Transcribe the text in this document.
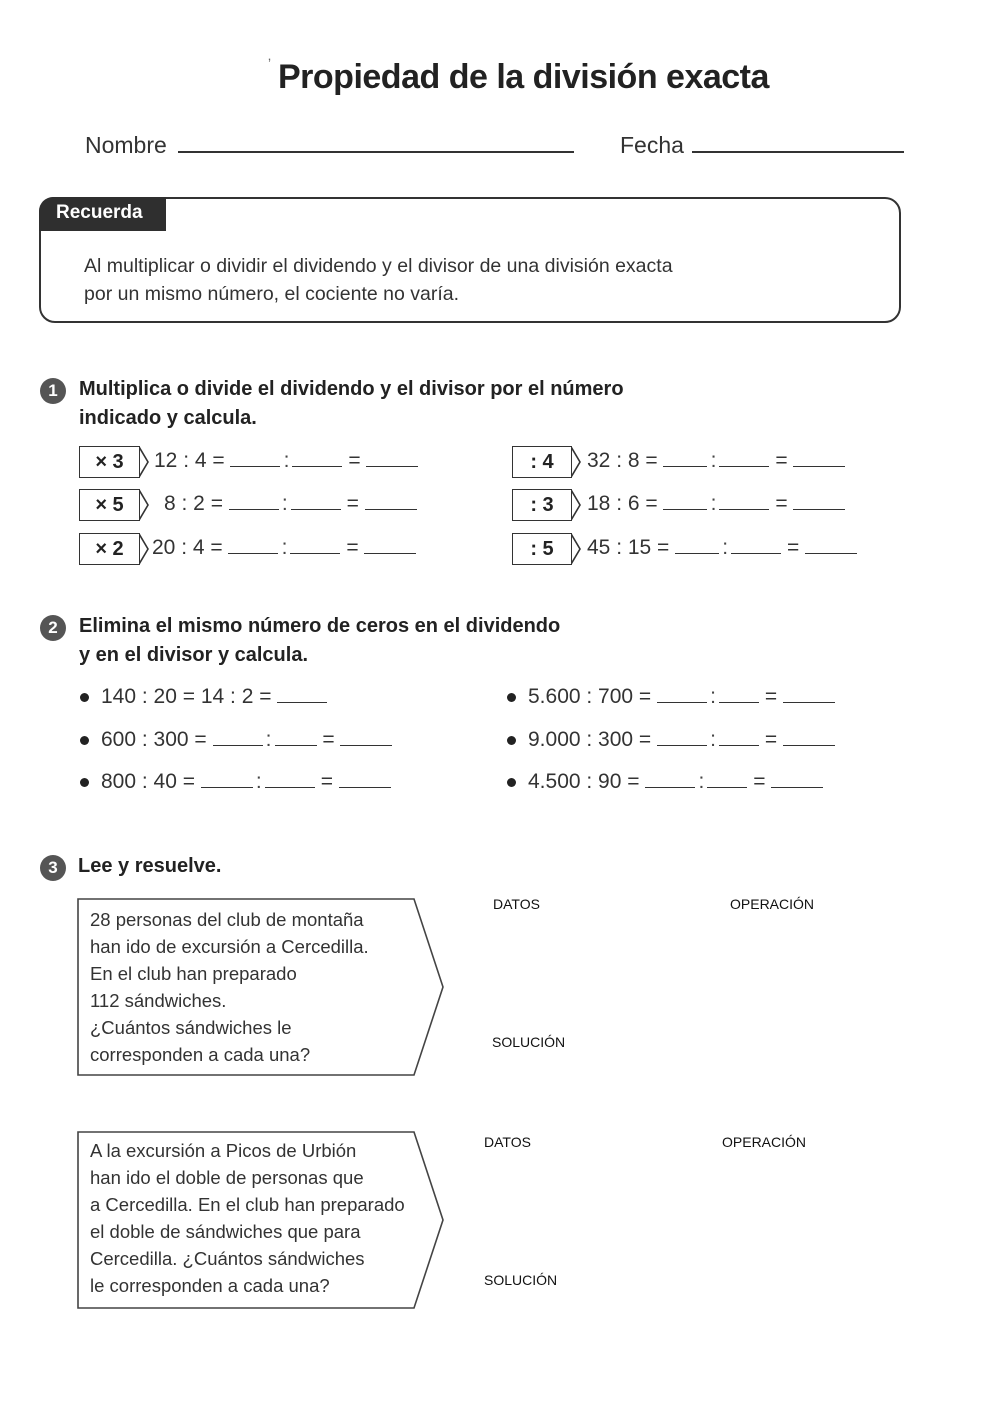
ʼ Propiedad de la división exacta
Nombre	Fecha
Recuerda
Al multiplicar o dividir el dividendo y el divisor de una división exacta
por un mismo número, el cociente no varía.
1	Multiplica o divide el dividendo y el divisor por el número
indicado y calcula.
× 3	12 : 4 =	:	=
× 5	8 : 2 =	:	=
× 2	20 : 4 =	:	=
: 4	32 : 8 =	:	=
: 3	18 : 6 =	:	=
: 5	45 : 15 =	:	=
2	Elimina el mismo número de ceros en el dividendo
y en el divisor y calcula.
140 : 20 = 14 : 2 =
600 : 300 =	: =
800 : 40 =	:	=
5.600 : 700 =	: =
9.000 : 300 =	: =
4.500 : 90 =	: =
3	Lee y resuelve.
28 personas del club de montaña
han ido de excursión a Cercedilla.
En el club han preparado
112 sándwiches.
¿Cuántos sándwiches le
corresponden a cada una?
DATOS	OPERACIÓN
SOLUCIÓN
A la excursión a Picos de Urbión
han ido el doble de personas que
a Cercedilla. En el club han preparado
el doble de sándwiches que para
Cercedilla. ¿Cuántos sándwiches
le corresponden a cada una?
DATOS	OPERACIÓN
SOLUCIÓN
